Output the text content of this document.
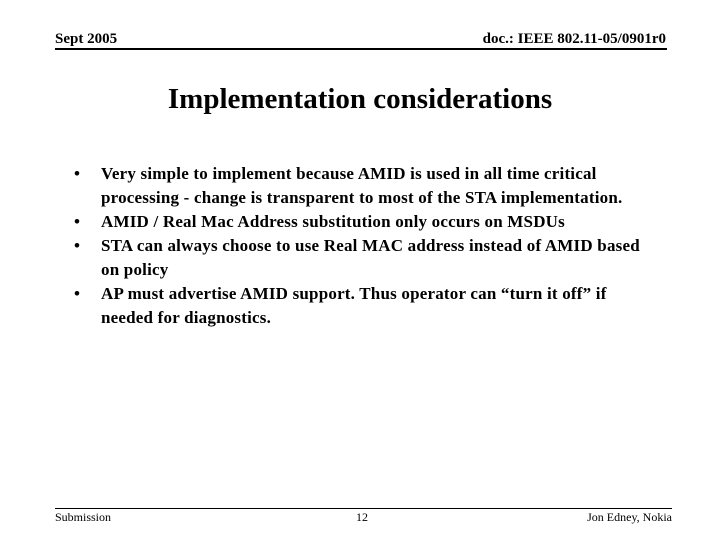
Sept 2005	doc.: IEEE 802.11-05/0901r0
Implementation considerations
•	Very simple to implement because AMID is used in all time critical processing - change is transparent to most of the STA implementation.
•	AMID / Real Mac Address substitution only occurs on MSDUs
•	STA can always choose to use Real MAC address instead of AMID based on policy
•	AP must advertise AMID support. Thus operator can “turn it off” if needed for diagnostics.
Submission	12	Jon Edney, Nokia
